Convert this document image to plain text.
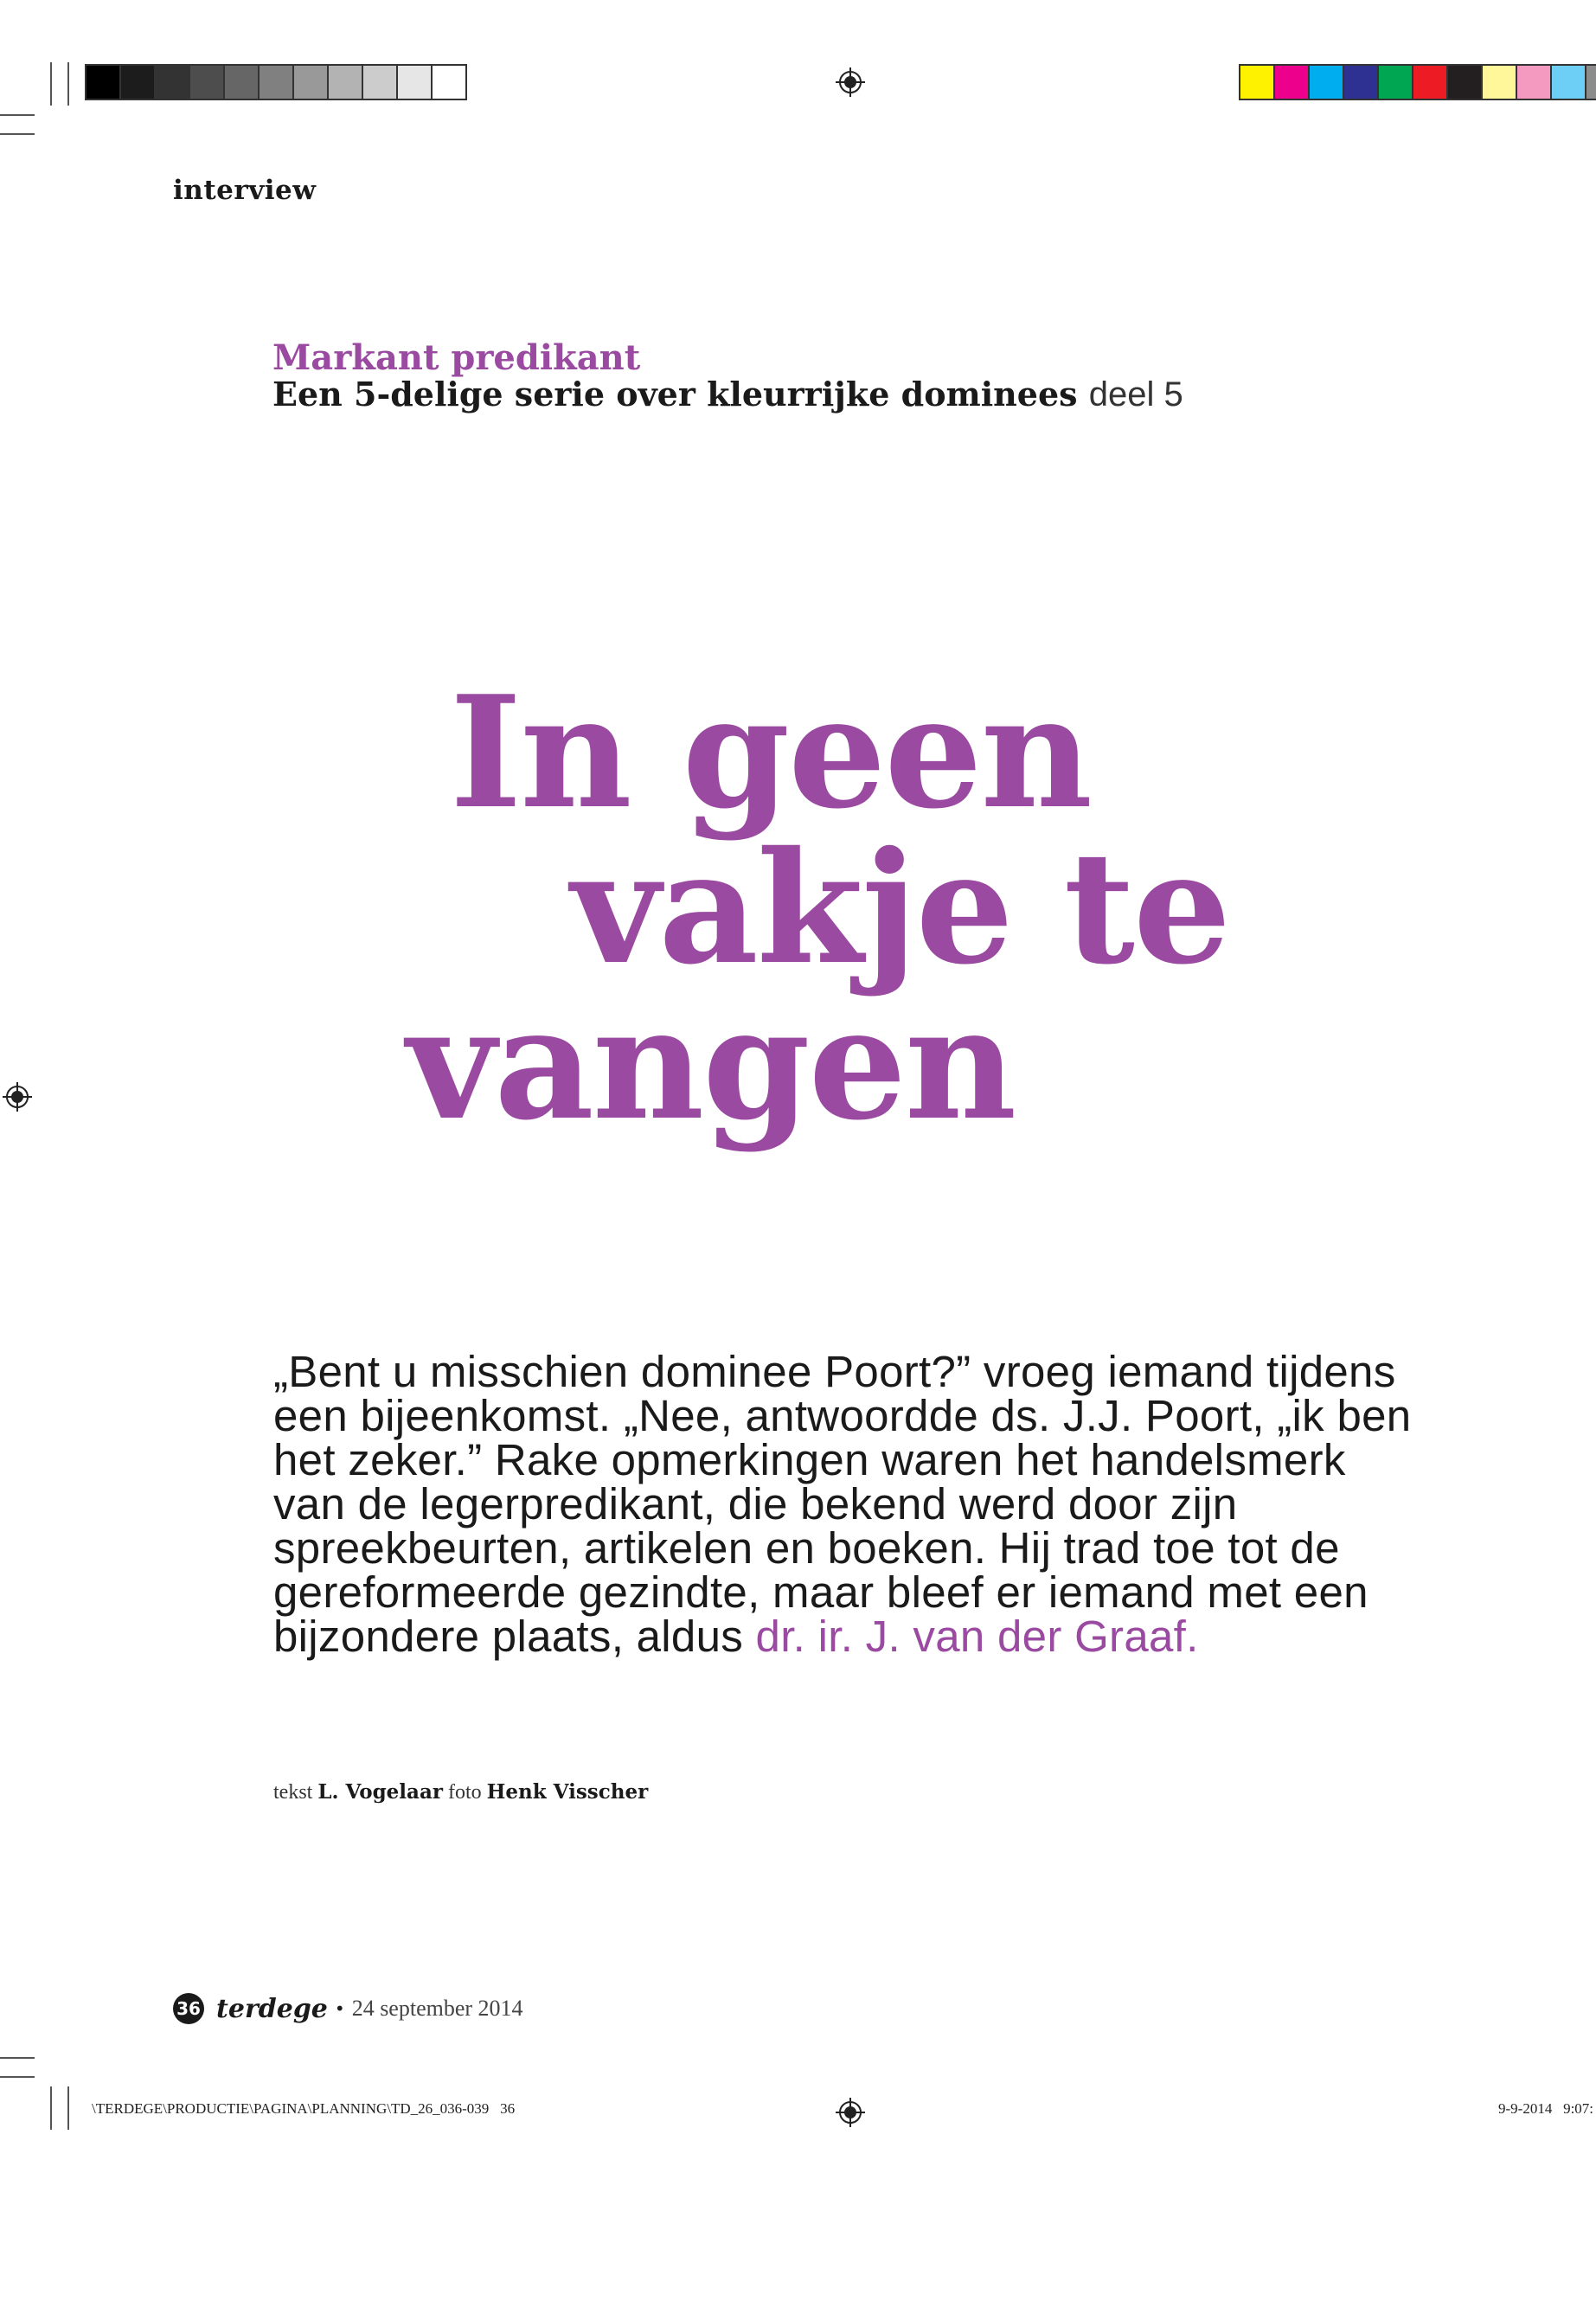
interview
Markant predikant
Een 5-delige serie over kleurrijke dominees deel 5
In geen
vakje te
vangen
„Bent u misschien dominee Poort?” vroeg iemand tijdens een bijeenkomst. „Nee, antwoordde ds. J.J. Poort, „ik ben het zeker.” Rake opmerkingen waren het handelsmerk van de legerpredikant, die bekend werd door zijn spreekbeurten, artikelen en boeken. Hij trad toe tot de gereformeerde gezindte, maar bleef er iemand met een bijzondere plaats, aldus dr. ir. J. van der Graaf.
tekst L. Vogelaar foto Henk Visscher
36 terdege • 24 september 2014
\TERDEGE\PRODUCTIE\PAGINA\PLANNING\TD_26_036-039 36	9-9-2014 9:07:
